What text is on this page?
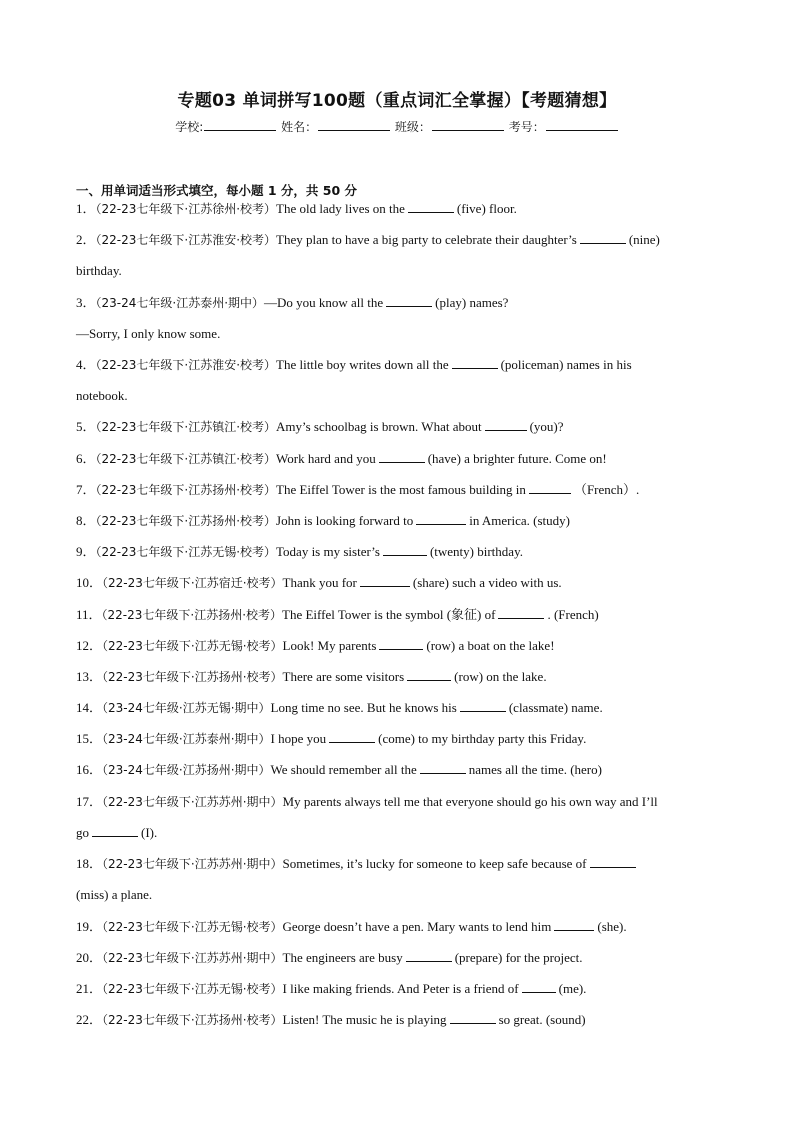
专题03 单词拼写100题（重点词汇全掌握）【考题猜想】
学校:	姓名：	班级：	考号：
一、用单词适当形式填空，每小题 1 分，共 50 分
1．（22-23七年级下·江苏徐州·校考）The old lady lives on the	(five) floor.
2．（22-23七年级下·江苏淮安·校考）They plan to have a big party to celebrate their daughter’s	(nine)
birthday.
3．（23-24七年级·江苏泰州·期中）—Do you know all the	(play) names?
—Sorry, I only know some.
4．（22-23七年级下·江苏淮安·校考）The little boy writes down all the	(policeman) names in his
notebook.
5．（22-23七年级下·江苏镇江·校考）Amy’s schoolbag is brown. What about	(you)?
6．（22-23七年级下·江苏镇江·校考）Work hard and you	(have) a brighter future. Come on!
7．（22-23七年级下·江苏扬州·校考）The Eiffel Tower is the most famous building in	（French）.
8．（22-23七年级下·江苏扬州·校考）John is looking forward to	in America. (study)
9．（22-23七年级下·江苏无锡·校考）Today is my sister’s	(twenty) birthday.
10．（22-23七年级下·江苏宿迁·校考）Thank you for	(share) such a video with us.
11．（22-23七年级下·江苏扬州·校考）The Eiffel Tower is the symbol (象征) of	. (French)
12．（22-23七年级下·江苏无锡·校考）Look! My parents	(row) a boat on the lake!
13．（22-23七年级下·江苏扬州·校考）There are some visitors	(row) on the lake.
14．（23-24七年级·江苏无锡·期中）Long time no see. But he knows his	(classmate) name.
15．（23-24七年级·江苏泰州·期中）I hope you	(come) to my birthday party this Friday.
16．（23-24七年级·江苏扬州·期中）We should remember all the	names all the time. (hero)
17．（22-23七年级下·江苏苏州·期中）My parents always tell me that everyone should go his own way and I’ll
go	(I).
18．（22-23七年级下·江苏苏州·期中）Sometimes, it’s lucky for someone to keep safe because of
(miss) a plane.
19．（22-23七年级下·江苏无锡·校考）George doesn’t have a pen. Mary wants to lend him	(she).
20．（22-23七年级下·江苏苏州·期中）The engineers are busy	(prepare) for the project.
21．（22-23七年级下·江苏无锡·校考）I like making friends. And Peter is a friend of	(me).
22．（22-23七年级下·江苏扬州·校考）Listen! The music he is playing	so great. (sound)
